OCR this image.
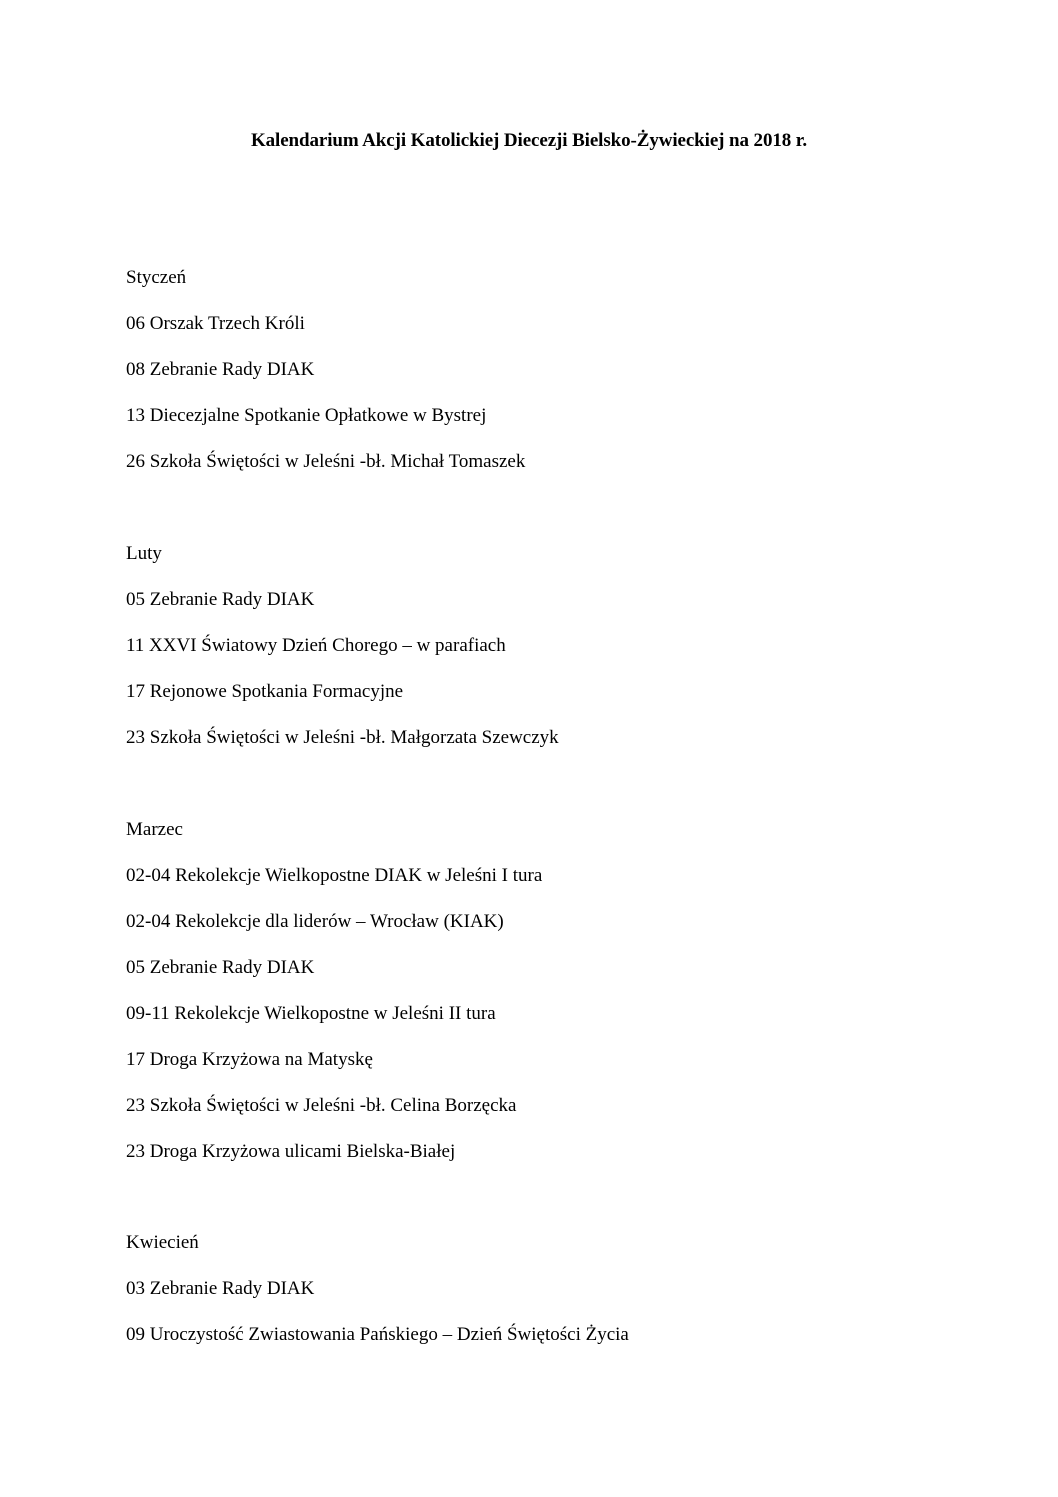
Kalendarium Akcji Katolickiej Diecezji Bielsko-Żywieckiej na 2018 r.
Styczeń
06 Orszak Trzech Króli
08 Zebranie Rady DIAK
13 Diecezjalne Spotkanie Opłatkowe w Bystrej
26 Szkoła Świętości w Jeleśni -bł. Michał Tomaszek
Luty
05 Zebranie Rady DIAK
11 XXVI Światowy Dzień Chorego – w parafiach
17 Rejonowe Spotkania Formacyjne
23 Szkoła Świętości w Jeleśni -bł. Małgorzata Szewczyk
Marzec
02-04 Rekolekcje Wielkopostne DIAK w Jeleśni I tura
02-04 Rekolekcje dla liderów – Wrocław (KIAK)
05 Zebranie Rady DIAK
09-11 Rekolekcje Wielkopostne w Jeleśni II tura
17 Droga Krzyżowa na Matyskę
23 Szkoła Świętości w Jeleśni -bł. Celina Borzęcka
23 Droga Krzyżowa ulicami Bielska-Białej
Kwiecień
03 Zebranie Rady DIAK
09 Uroczystość Zwiastowania Pańskiego – Dzień Świętości Życia
